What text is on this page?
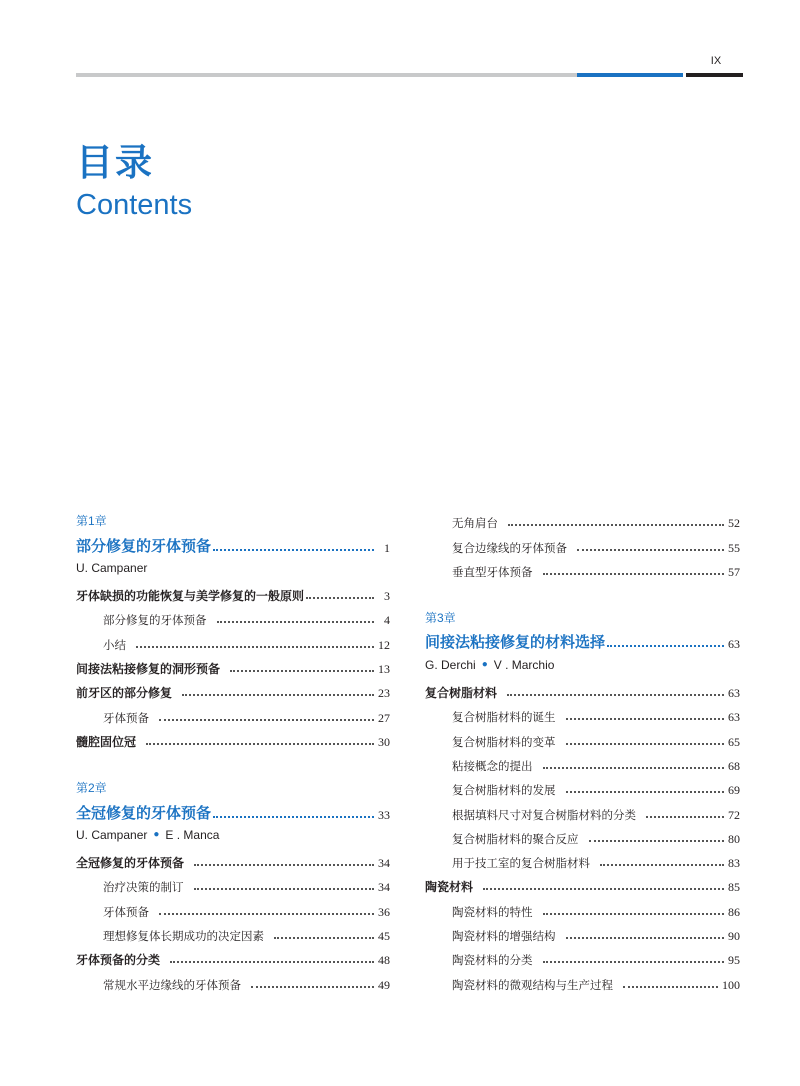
IX
目录
Contents
第1章
部分修复的牙体预备	1
U. Campaner
牙体缺损的功能恢复与美学修复的一般原则	3
部分修复的牙体预备	4
小结	12
间接法粘接修复的洞形预备	13
前牙区的部分修复	23
牙体预备	27
髓腔固位冠	30
第2章
全冠修复的牙体预备	33
U. Campaner ● E . Manca
全冠修复的牙体预备	34
治疗决策的制订	34
牙体预备	36
理想修复体长期成功的决定因素	45
牙体预备的分类	48
常规水平边缘线的牙体预备	49
无角肩台	52
复合边缘线的牙体预备	55
垂直型牙体预备	57
第3章
间接法粘接修复的材料选择	63
G. Derchi ● V . Marchio
复合树脂材料	63
复合树脂材料的诞生	63
复合树脂材料的变革	65
粘接概念的提出	68
复合树脂材料的发展	69
根据填料尺寸对复合树脂材料的分类	72
复合树脂材料的聚合反应	80
用于技工室的复合树脂材料	83
陶瓷材料	85
陶瓷材料的特性	86
陶瓷材料的增强结构	90
陶瓷材料的分类	95
陶瓷材料的微观结构与生产过程	100
